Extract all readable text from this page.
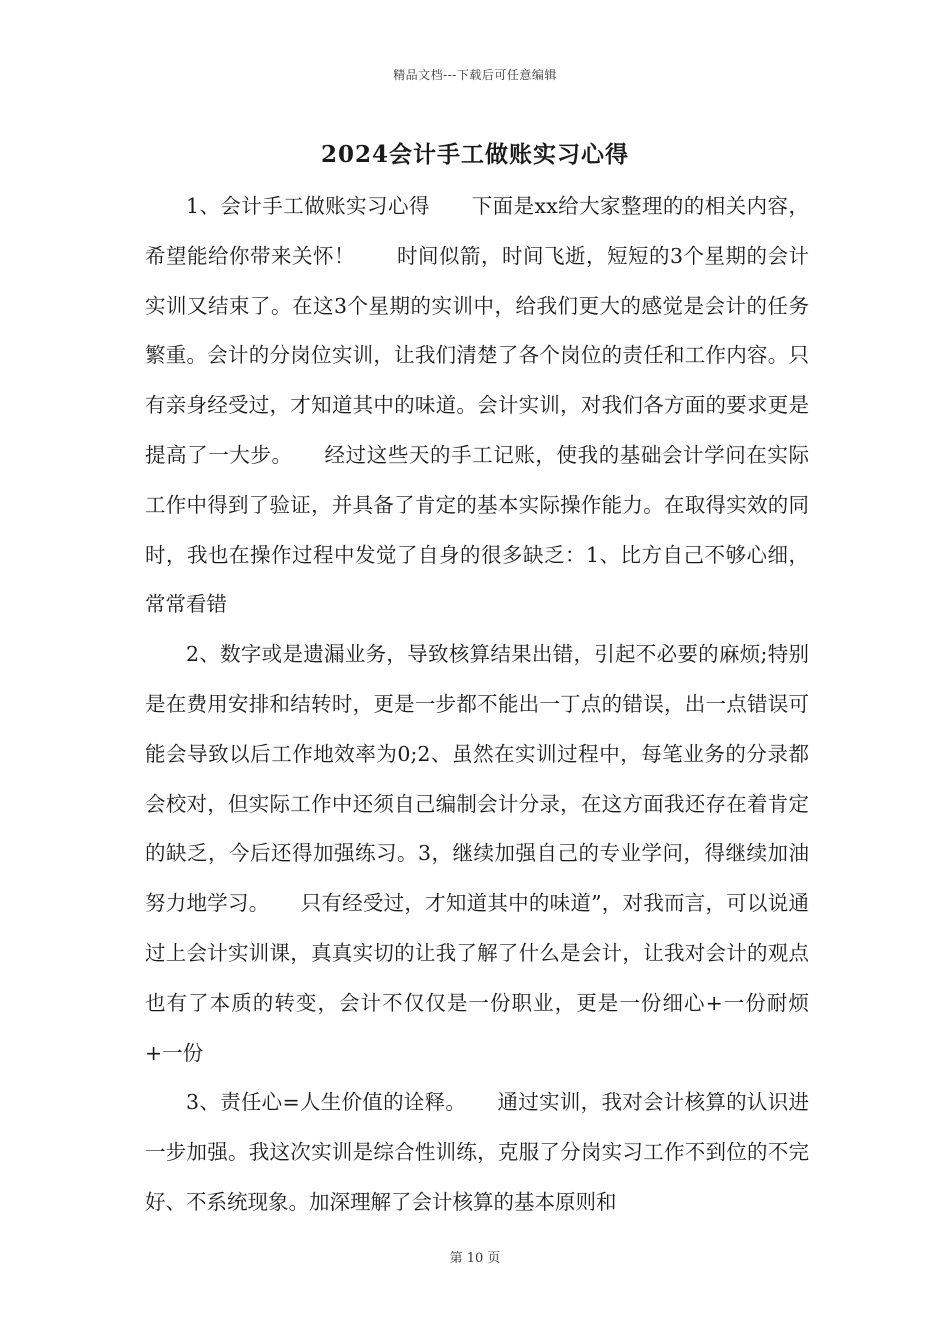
精品文档---下载后可任意编辑
2024会计手工做账实习心得

1、会计手工做账实习心得　　下面是xx给大家整理的的相关内容，希望能给你带来关怀！　　时间似箭，时间飞逝，短短的3个星期的会计实训又结束了。在这3个星期的实训中，给我们更大的感觉是会计的任务繁重。会计的分岗位实训，让我们清楚了各个岗位的责任和工作内容。只有亲身经受过，才知道其中的味道。会计实训，对我们各方面的要求更是提高了一大步。　　经过这些天的手工记账，使我的基础会计学问在实际工作中得到了验证，并具备了肯定的基本实际操作能力。在取得实效的同时，我也在操作过程中发觉了自身的很多缺乏：1、比方自己不够心细，常常看错

2、数字或是遗漏业务，导致核算结果出错，引起不必要的麻烦;特别是在费用安排和结转时，更是一步都不能出一丁点的错误，出一点错误可能会导致以后工作地效率为0;2、虽然在实训过程中，每笔业务的分录都会校对，但实际工作中还须自己编制会计分录，在这方面我还存在着肯定的缺乏，今后还得加强练习。3，继续加强自己的专业学问，得继续加油努力地学习。　　只有经受过，才知道其中的味道”，对我而言，可以说通过上会计实训课，真真实切的让我了解了什么是会计，让我对会计的观点也有了本质的转变，会计不仅仅是一份职业，更是一份细心+一份耐烦+一份

3、责任心=人生价值的诠释。　　通过实训，我对会计核算的认识进一步加强。我这次实训是综合性训练，克服了分岗实习工作不到位的不完好、不系统现象。加深理解了会计核算的基本原则和

第 10 页
